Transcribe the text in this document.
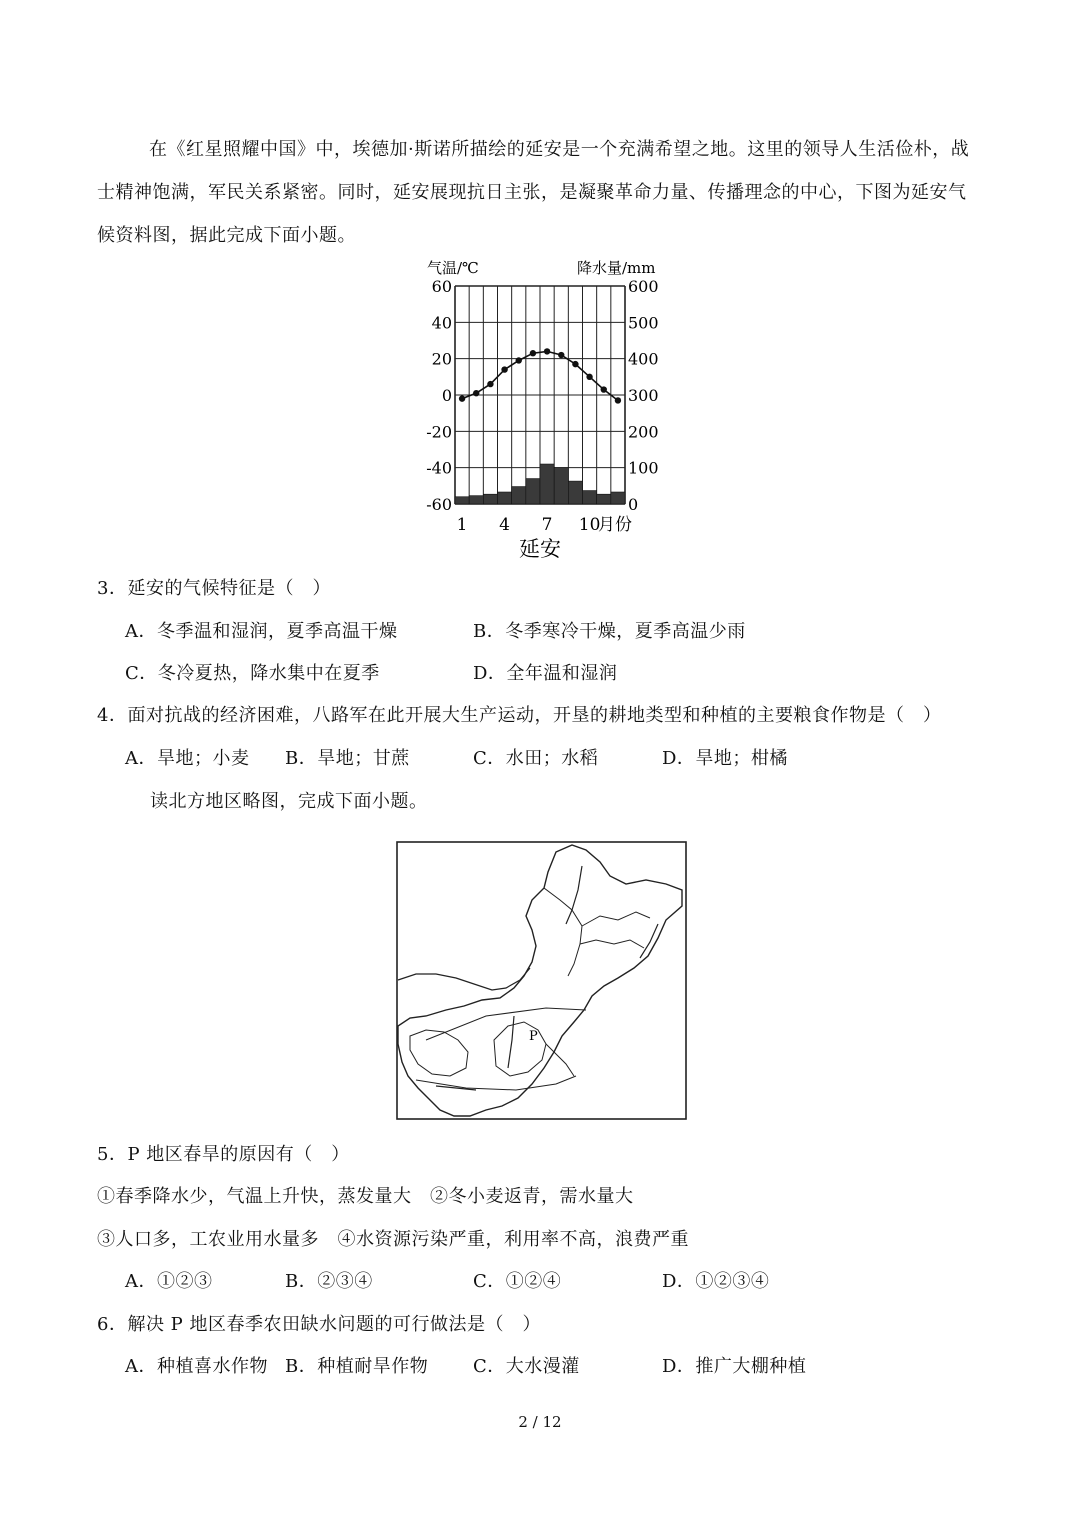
在《红星照耀中国》中，埃德加·斯诺所描绘的延安是一个充满希望之地。这里的领导人生活俭朴，战士精神饱满，军民关系紧密。同时，延安展现抗日主张，是凝聚革命力量、传播理念的中心，下图为延安气候资料图，据此完成下面小题。
气温/℃	降水量/mm
60
40
20
0
-20
-40
-60
600
500
400
300
200
100
0
1 4 7 10
月份
延安
3．延安的气候特征是（　）
A．冬季温和湿润，夏季高温干燥	B．冬季寒冷干燥，夏季高温少雨
C．冬冷夏热，降水集中在夏季	D．全年温和湿润
4．面对抗战的经济困难，八路军在此开展大生产运动，开垦的耕地类型和种植的主要粮食作物是（　）
A．旱地；小麦 B．旱地；甘蔗	C．水田；水稻	D．旱地；柑橘
读北方地区略图，完成下面小题。
P
5．P 地区春旱的原因有（　）
①春季降水少，气温上升快，蒸发量大　②冬小麦返青，需水量大
③人口多，工农业用水量多　④水资源污染严重，利用率不高，浪费严重
A．①②③	B．②③④	C．①②④	D．①②③④
6．解决 P 地区春季农田缺水问题的可行做法是（　）
A．种植喜水作物 B．种植耐旱作物 C．大水漫灌	D．推广大棚种植
2 / 12
